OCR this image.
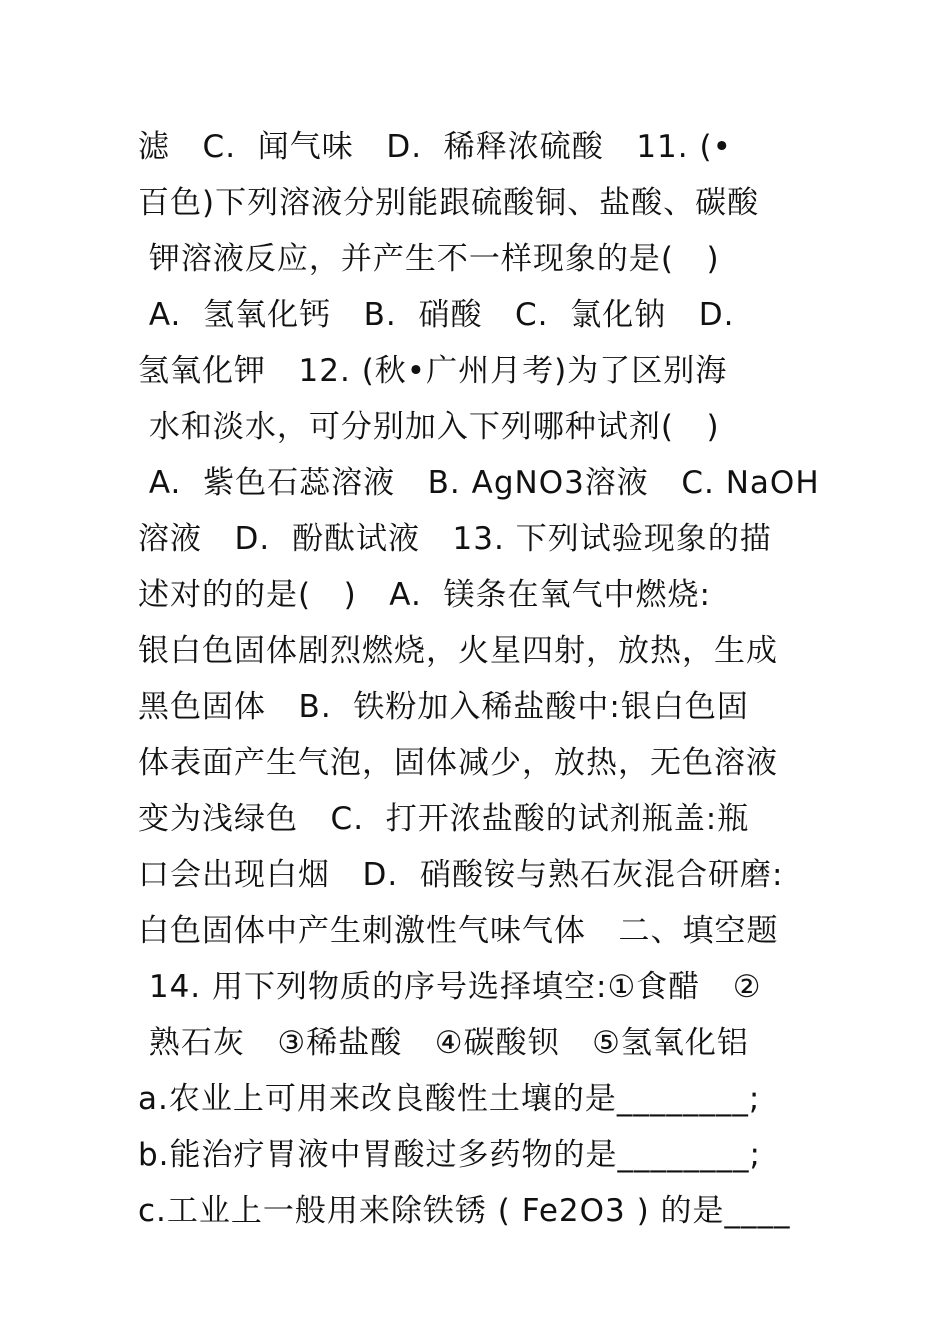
滤   C.  闻气味   D.  稀释浓硫酸   11. (•
百色)下列溶液分别能跟硫酸铜、盐酸、碳酸
钾溶液反应，并产生不一样现象的是(   )
A.  氢氧化钙   B.  硝酸   C.  氯化钠   D.
氢氧化钾   12. (秋•广州月考)为了区别海
水和淡水，可分别加入下列哪种试剂(   )
A.  紫色石蕊溶液   B. AgNO3溶液   C. NaOH
溶液   D.  酚酞试液   13. 下列试验现象的描
述对的的是(   )   A.  镁条在氧气中燃烧:
银白色固体剧烈燃烧，火星四射，放热，生成
黑色固体   B.  铁粉加入稀盐酸中:银白色固
体表面产生气泡，固体减少，放热，无色溶液
变为浅绿色   C.  打开浓盐酸的试剂瓶盖:瓶
口会出现白烟   D.  硝酸铵与熟石灰混合研磨:
白色固体中产生刺激性气味气体   二、填空题
14. 用下列物质的序号选择填空:①食醋   ②
熟石灰   ③稀盐酸   ④碳酸钡   ⑤氢氧化铝
a.农业上可用来改良酸性土壤的是________;
b.能治疗胃液中胃酸过多药物的是________;
c.工业上一般用来除铁锈 ( Fe2O3 ) 的是____
